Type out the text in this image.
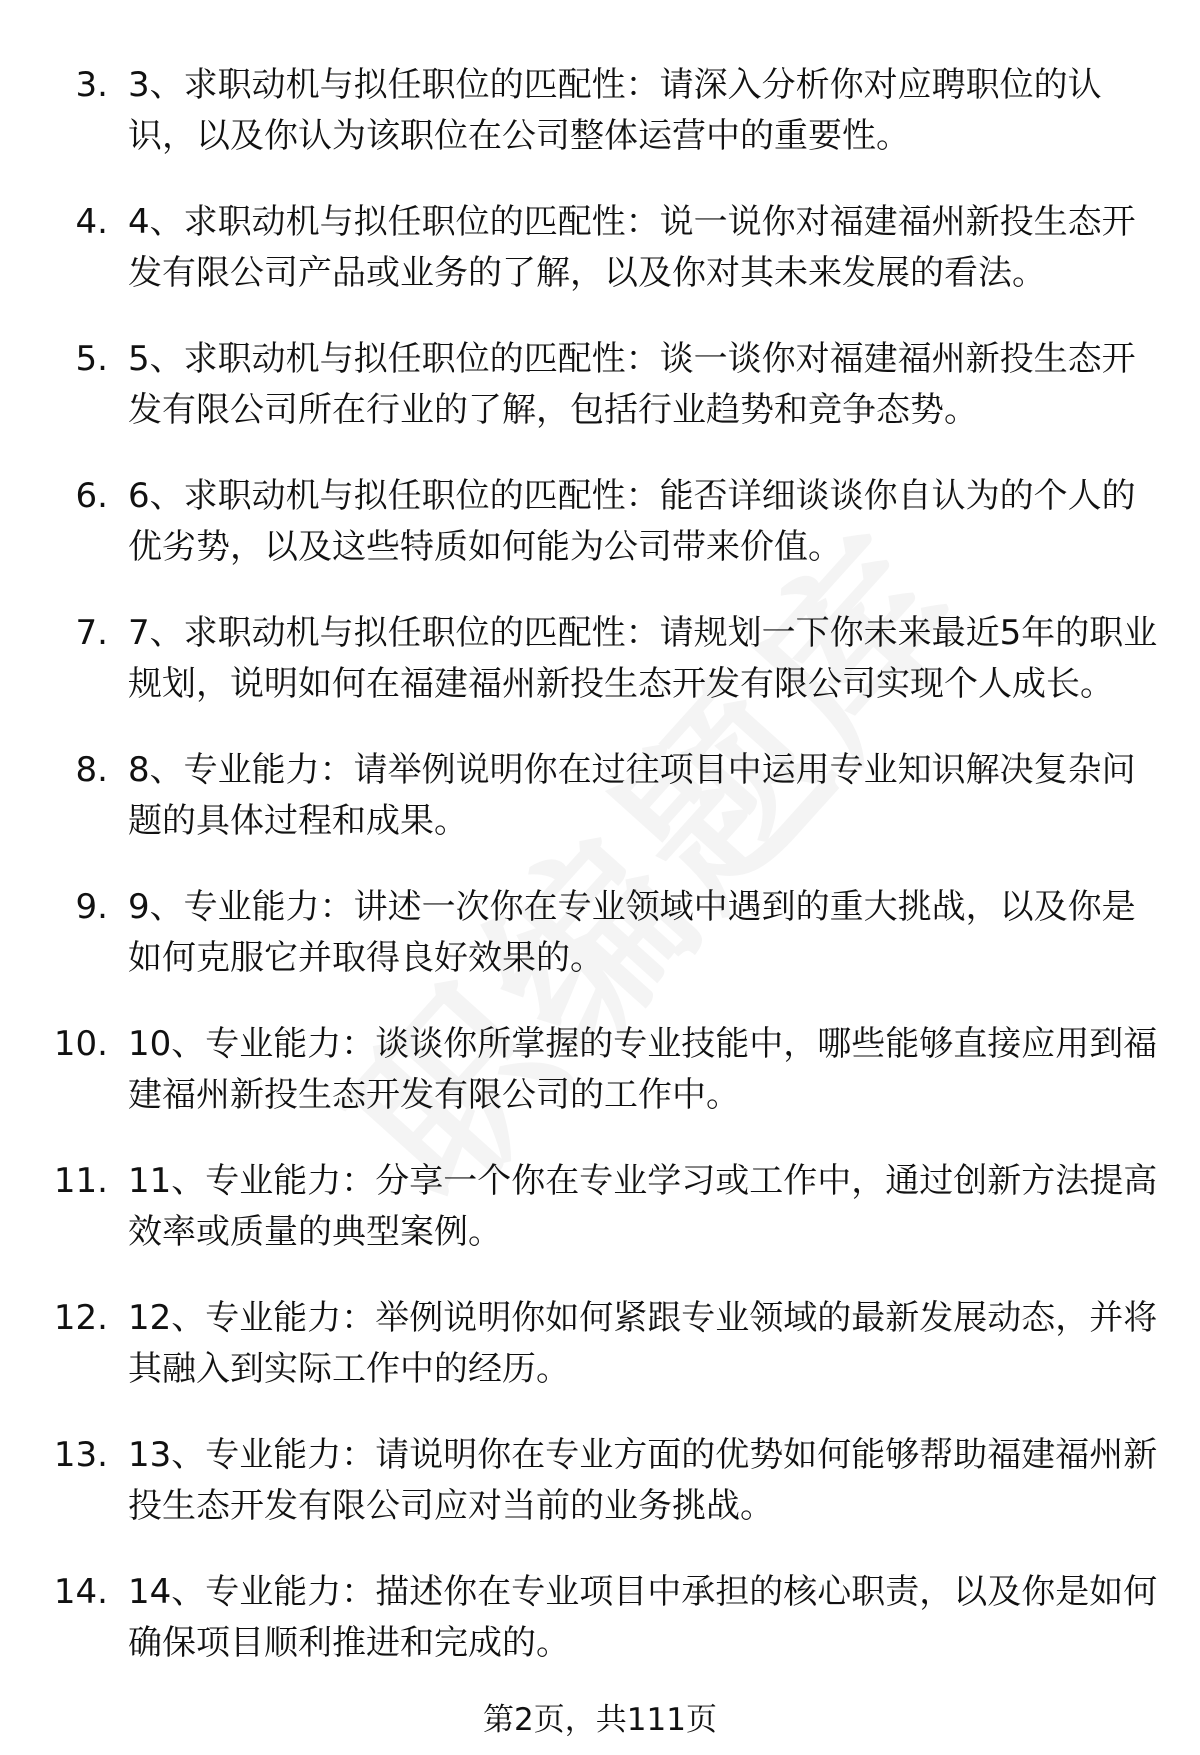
3. 3、求职动机与拟任职位的匹配性：请深入分析你对应聘职位的认识，以及你认为该职位在公司整体运营中的重要性。
4. 4、求职动机与拟任职位的匹配性：说一说你对福建福州新投生态开发有限公司产品或业务的了解，以及你对其未来发展的看法。
5. 5、求职动机与拟任职位的匹配性：谈一谈你对福建福州新投生态开发有限公司所在行业的了解，包括行业趋势和竞争态势。
6. 6、求职动机与拟任职位的匹配性：能否详细谈谈你自认为的个人的优劣势，以及这些特质如何能为公司带来价值。
7. 7、求职动机与拟任职位的匹配性：请规划一下你未来最近5年的职业规划，说明如何在福建福州新投生态开发有限公司实现个人成长。
8. 8、专业能力：请举例说明你在过往项目中运用专业知识解决复杂问题的具体过程和成果。
9. 9、专业能力：讲述一次你在专业领域中遇到的重大挑战，以及你是如何克服它并取得良好效果的。
10. 10、专业能力：谈谈你所掌握的专业技能中，哪些能够直接应用到福建福州新投生态开发有限公司的工作中。
11. 11、专业能力：分享一个你在专业学习或工作中，通过创新方法提高效率或质量的典型案例。
12. 12、专业能力：举例说明你如何紧跟专业领域的最新发展动态，并将其融入到实际工作中的经历。
13. 13、专业能力：请说明你在专业方面的优势如何能够帮助福建福州新投生态开发有限公司应对当前的业务挑战。
14. 14、专业能力：描述你在专业项目中承担的核心职责，以及你是如何确保项目顺利推进和完成的。
第2页，共111页
